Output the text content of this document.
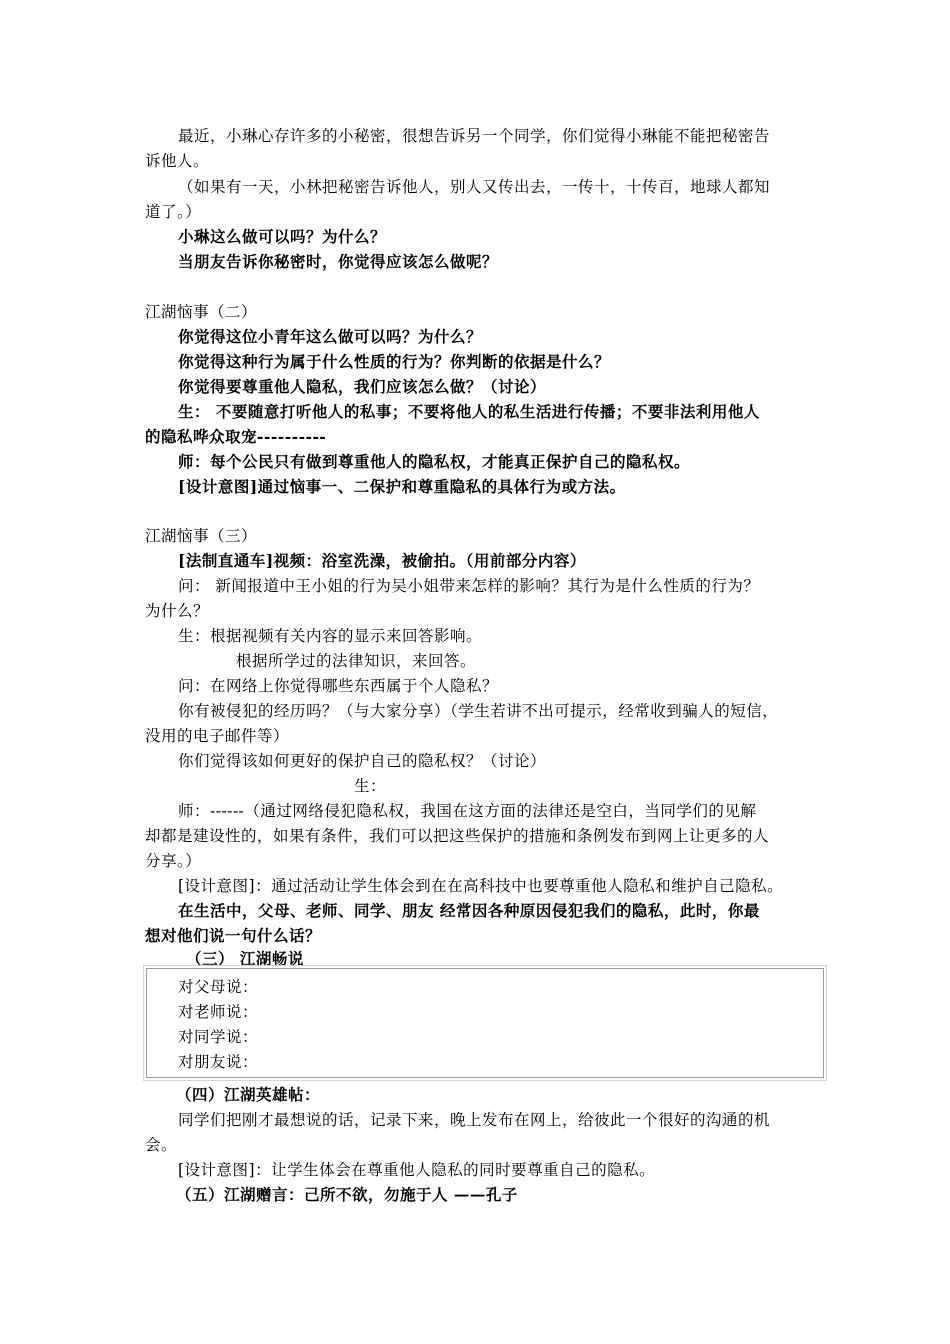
最近，小琳心存许多的小秘密，很想告诉另一个同学，你们觉得小琳能不能把秘密告
诉他人。
（如果有一天，小林把秘密告诉他人，别人又传出去，一传十，十传百，地球人都知
道了。）
小琳这么做可以吗？为什么？
当朋友告诉你秘密时，你觉得应该怎么做呢？
江湖恼事（二）
你觉得这位小青年这么做可以吗？为什么？
你觉得这种行为属于什么性质的行为？你判断的依据是什么？
你觉得要尊重他人隐私，我们应该怎么做？（讨论）
生： 不要随意打听他人的私事；不要将他人的私生活进行传播；不要非法利用他人
的隐私哗众取宠----------
师：每个公民只有做到尊重他人的隐私权，才能真正保护自己的隐私权。
[设计意图]通过恼事一、二保护和尊重隐私的具体行为或方法。
江湖恼事（三）
[法制直通车]视频：浴室洗澡，被偷拍。（用前部分内容）
问： 新闻报道中王小姐的行为吴小姐带来怎样的影响？其行为是什么性质的行为？
为什么？
生：根据视频有关内容的显示来回答影响。
根据所学过的法律知识，来回答。
问：在网络上你觉得哪些东西属于个人隐私？
你有被侵犯的经历吗？（与大家分享）（学生若讲不出可提示，经常收到骗人的短信，
没用的电子邮件等）
你们觉得该如何更好的保护自己的隐私权？（讨论）
生：
师：------（通过网络侵犯隐私权，我国在这方面的法律还是空白，当同学们的见解
却都是建设性的，如果有条件，我们可以把这些保护的措施和条例发布到网上让更多的人
分享。）
[设计意图]：通过活动让学生体会到在在高科技中也要尊重他人隐私和维护自己隐私。
在生活中，父母、老师、同学、朋友 经常因各种原因侵犯我们的隐私，此时，你最
想对他们说一句什么话？
（三） 江湖畅说
对父母说：
对老师说：
对同学说：
对朋友说：
（四）江湖英雄帖：
同学们把刚才最想说的话，记录下来，晚上发布在网上，给彼此一个很好的沟通的机
会。
[设计意图]：让学生体会在尊重他人隐私的同时要尊重自己的隐私。
（五）江湖赠言：己所不欲，勿施于人 ——孔子
